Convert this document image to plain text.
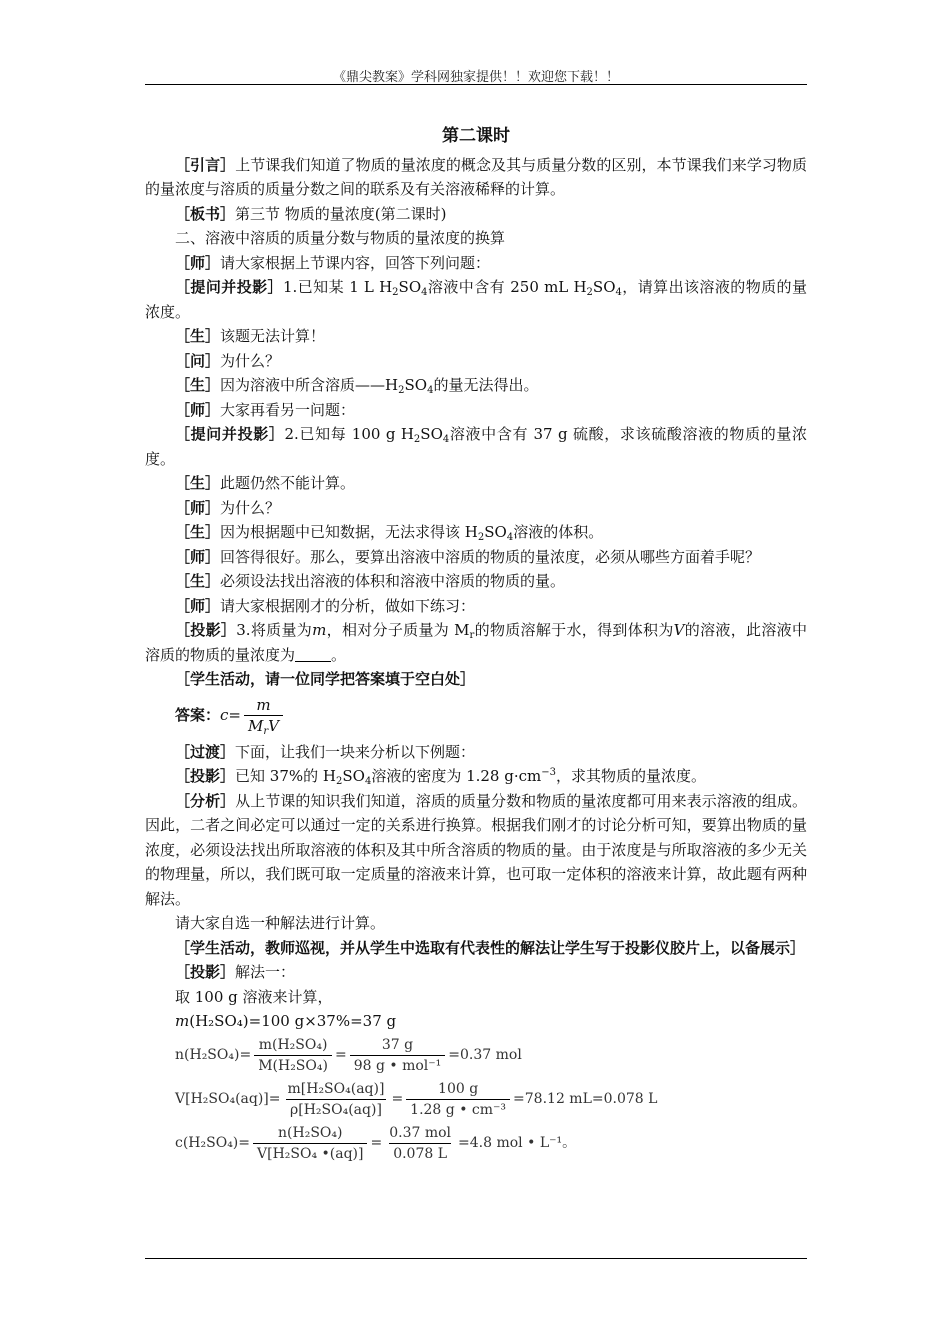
《鼎尖教案》学科网独家提供！！欢迎您下载！！
第二课时

［引言］上节课我们知道了物质的量浓度的概念及其与质量分数的区别，本节课我们来学习物质的量浓度与溶质的质量分数之间的联系及有关溶液稀释的计算。

［板书］第三节 物质的量浓度(第二课时)

二、溶液中溶质的质量分数与物质的量浓度的换算

［师］请大家根据上节课内容，回答下列问题：

［提问并投影］1.已知某 1 L $H_2SO_4$溶液中含有 250 mL $H_2SO_4$，请算出该溶液的物质的量浓度。

［生］该题无法计算！

［问］为什么？

［生］因为溶液中所含溶质$——H_2SO_4$的量无法得出。

［师］大家再看另一问题：

［提问并投影］2.已知每 100 g $H_2SO_4$溶液中含有 37 g 硫酸，求该硫酸溶液的物质的量浓度。

［生］此题仍然不能计算。

［师］为什么？

［生］因为根据题中已知数据，无法求得该 $H_2SO_4$溶液的体积。

［师］回答得很好。那么，要算出溶液中溶质的物质的量浓度，必须从哪些方面着手呢？

［生］必须设法找出溶液的体积和溶液中溶质的物质的量。

［师］请大家根据刚才的分析，做如下练习：

［投影］3.将质量为m，相对分子质量为 $M_r$的物质溶解于水，得到体积为V的溶液，此溶液中溶质的物质的量浓度为 。

［学生活动，请一位同学把答案填于空白处］

答案： $c= \frac{m}{M_rV}$

［过渡］下面，让我们一块来分析以下例题：

［投影］已知 37%的 $H_2SO_4$溶液的密度为 1.28 $g\cdot cm^{-3}$，求其物质的量浓度。

［分析］从上节课的知识我们知道，溶质的质量分数和物质的量浓度都可用来表示溶液的组成。因此，二者之间必定可以通过一定的关系进行换算。根据我们刚才的讨论分析可知，要算出物质的量浓度，必须设法找出所取溶液的体积及其中所含溶质的物质的量。由于浓度是与所取溶液的多少无关的物理量，所以，我们既可取一定质量的溶液来计算，也可取一定体积的溶液来计算，故此题有两种解法。

请大家自选一种解法进行计算。

［学生活动，教师巡视，并从学生中选取有代表性的解法让学生写于投影仪胶片上，以备展示］

［投影］解法一：

取 100 g 溶液来计算，

m(H₂SO₄)=100 g×37%=37 g

$n(H_2SO_4)= \frac{\text{m(H₂SO₄)}}{\text{M(H₂SO₄)}} = \frac{37 g}{\text{98 g • mol⁻¹}} =0.37$ mol
$V[H_2SO_4(aq)]= \frac{\text{m[H₂SO₄(aq)]}}{\text{ρ[H₂SO₄(aq)]}} = \frac{100 g}{\text{1.28 g • cm⁻³}} =78.12$ mL=0.078 L
$c(H_2SO_4)= \frac{\text{n(H₂SO₄)}}{\text{V[H₂SO₄ •(aq)]}} = \frac{\text{0.37 mol}}{0.078 L} =4.8$ mol • L⁻¹。
